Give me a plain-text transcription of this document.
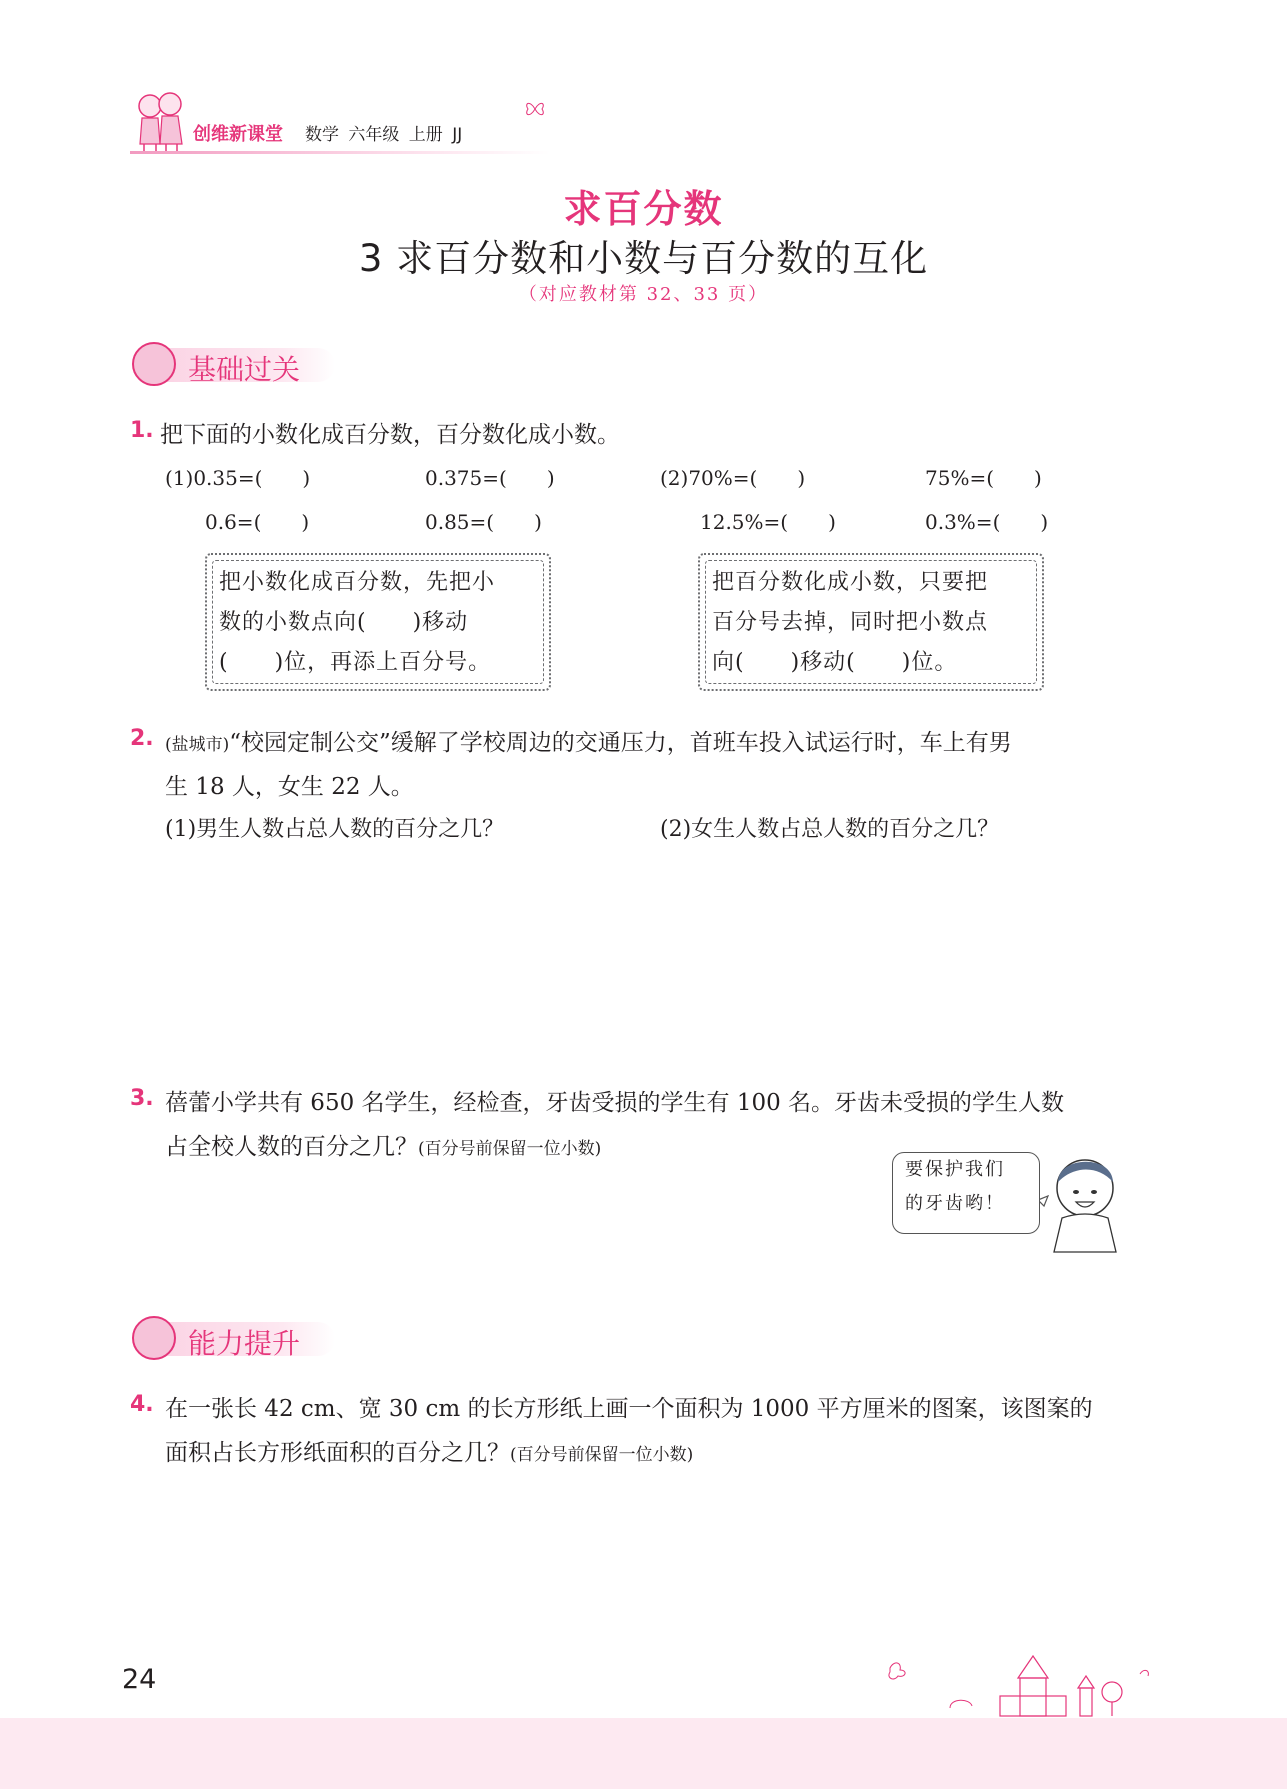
创维新课堂 数学 六年级 上册 JJ
求百分数
3 求百分数和小数与百分数的互化
（对应教材第 32、33 页）
基础过关
1. 把下面的小数化成百分数，百分数化成小数。
(1)0.35=(　　)	0.375=(　　)	(2)70%=(　　)	75%=(　　)
0.6=(　　)	0.85=(　　)	12.5%=(　　)	0.3%=(　　)
把小数化成百分数，先把小
数的小数点向(　　)移动
(　　)位，再添上百分号。
把百分数化成小数，只要把
百分号去掉，同时把小数点
向(　　)移动(　　)位。
2. (盐城市)“校园定制公交”缓解了学校周边的交通压力，首班车投入试运行时，车上有男
生 18 人，女生 22 人。
(1)男生人数占总人数的百分之几？	(2)女生人数占总人数的百分之几？
3. 蓓蕾小学共有 650 名学生，经检查，牙齿受损的学生有 100 名。牙齿未受损的学生人数
占全校人数的百分之几？(百分号前保留一位小数)
要保护我们
的牙齿哟！
能力提升
4. 在一张长 42 cm、宽 30 cm 的长方形纸上画一个面积为 1000 平方厘米的图案，该图案的
面积占长方形纸面积的百分之几？(百分号前保留一位小数)
24
